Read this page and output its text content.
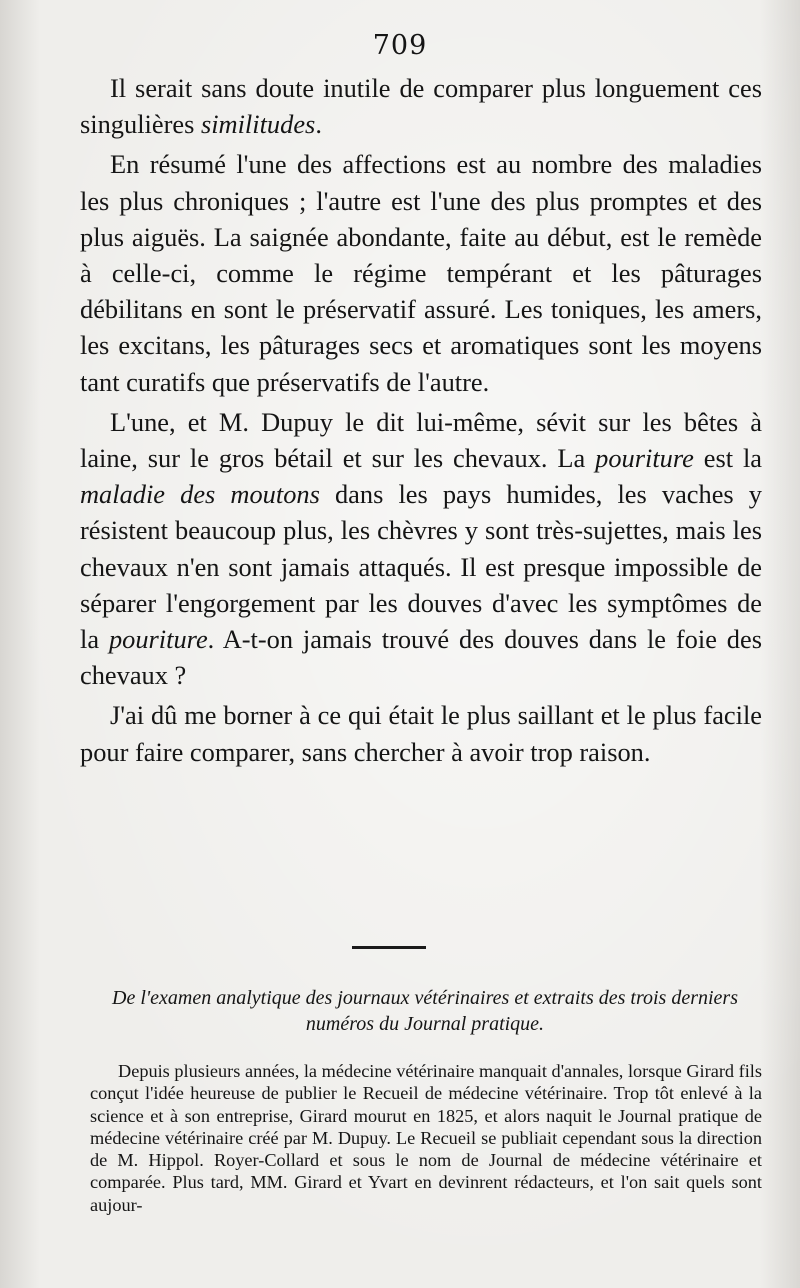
709

Il serait sans doute inutile de comparer plus longuement ces singulières similitudes.

En résumé l'une des affections est au nombre des maladies les plus chroniques ; l'autre est l'une des plus promptes et des plus aiguës. La saignée abondante, faite au début, est le remède à celle-ci, comme le régime tempérant et les pâturages débilitans en sont le préservatif assuré. Les toniques, les amers, les excitans, les pâturages secs et aromatiques sont les moyens tant curatifs que préservatifs de l'autre.

L'une, et M. Dupuy le dit lui-même, sévit sur les bêtes à laine, sur le gros bétail et sur les chevaux. La pouriture est la maladie des moutons dans les pays humides, les vaches y résistent beaucoup plus, les chèvres y sont très-sujettes, mais les chevaux n'en sont jamais attaqués. Il est presque impossible de séparer l'engorgement par les douves d'avec les symptômes de la pouriture. A-t-on jamais trouvé des douves dans le foie des chevaux ?

J'ai dû me borner à ce qui était le plus saillant et le plus facile pour faire comparer, sans chercher à avoir trop raison.

De l'examen analytique des journaux vétérinaires et extraits des trois derniers numéros du Journal pratique.

Depuis plusieurs années, la médecine vétérinaire manquait d'annales, lorsque Girard fils conçut l'idée heureuse de publier le Recueil de médecine vétérinaire. Trop tôt enlevé à la science et à son entreprise, Girard mourut en 1825, et alors naquit le Journal pratique de médecine vétérinaire créé par M. Dupuy. Le Recueil se publiait cependant sous la direction de M. Hippol. Royer-Collard et sous le nom de Journal de médecine vétérinaire et comparée. Plus tard, MM. Girard et Yvart en devinrent rédacteurs, et l'on sait quels sont aujour-
